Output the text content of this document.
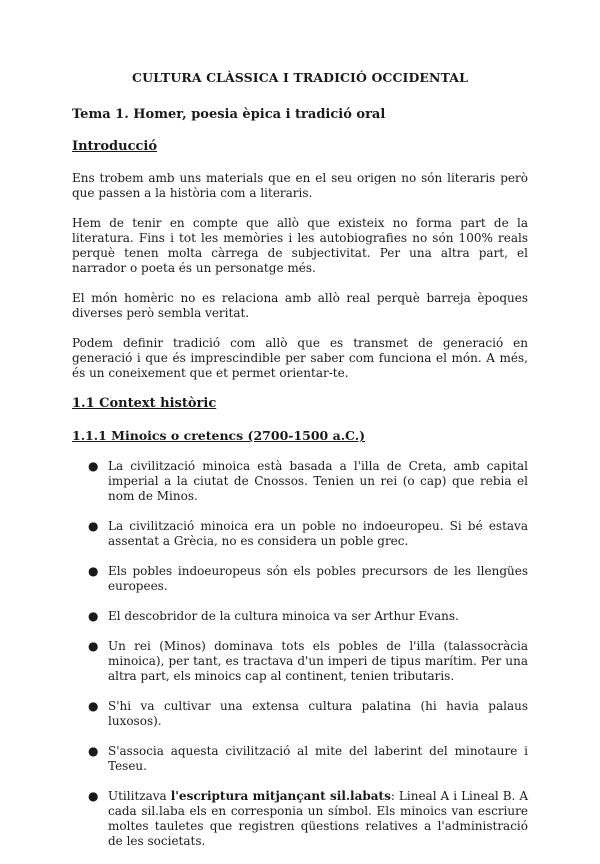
CULTURA CLÀSSICA I TRADICIÓ OCCIDENTAL
Tema 1. Homer, poesia èpica i tradició oral
Introducció

Ens trobem amb uns materials que en el seu origen no són literaris però que passen a la història com a literaris.

Hem de tenir en compte que allò que existeix no forma part de la literatura. Fins i tot les memòries i les autobiografies no són 100% reals perquè tenen molta càrrega de subjectivitat. Per una altra part, el narrador o poeta és un personatge més.

El món homèric no es relaciona amb allò real perquè barreja èpoques diverses però sembla veritat.

Podem definir tradició com allò que es transmet de generació en generació i que és imprescindible per saber com funciona el món. A més, és un coneixement que et permet orientar-te.

1.1 Context històric
1.1.1 Minoics o cretencs (2700-1500 a.C.)
● La civilització minoica està basada a l'illa de Creta, amb capital imperial a la ciutat de Cnossos. Tenien un rei (o cap) que rebia el nom de Minos.
● La civilització minoica era un poble no indoeuropeu. Si bé estava assentat a Grècia, no es considera un poble grec.
● Els pobles indoeuropeus són els pobles precursors de les llengües europees.
● El descobridor de la cultura minoica va ser Arthur Evans.
● Un rei (Minos) dominava tots els pobles de l'illa (talassocràcia minoica), per tant, es tractava d'un imperi de tipus marítim. Per una altra part, els minoics cap al continent, tenien tributaris.
● S'hi va cultivar una extensa cultura palatina (hi havia palaus luxosos).
● S'associa aquesta civilització al mite del laberint del minotaure i Teseu.
● Utilitzava l'escriptura mitjançant sil.labats: Lineal A i Lineal B. A cada sil.laba els en corresponia un símbol. Els minoics van escriure moltes tauletes que registren qüestions relatives a l'administració de les societats.
